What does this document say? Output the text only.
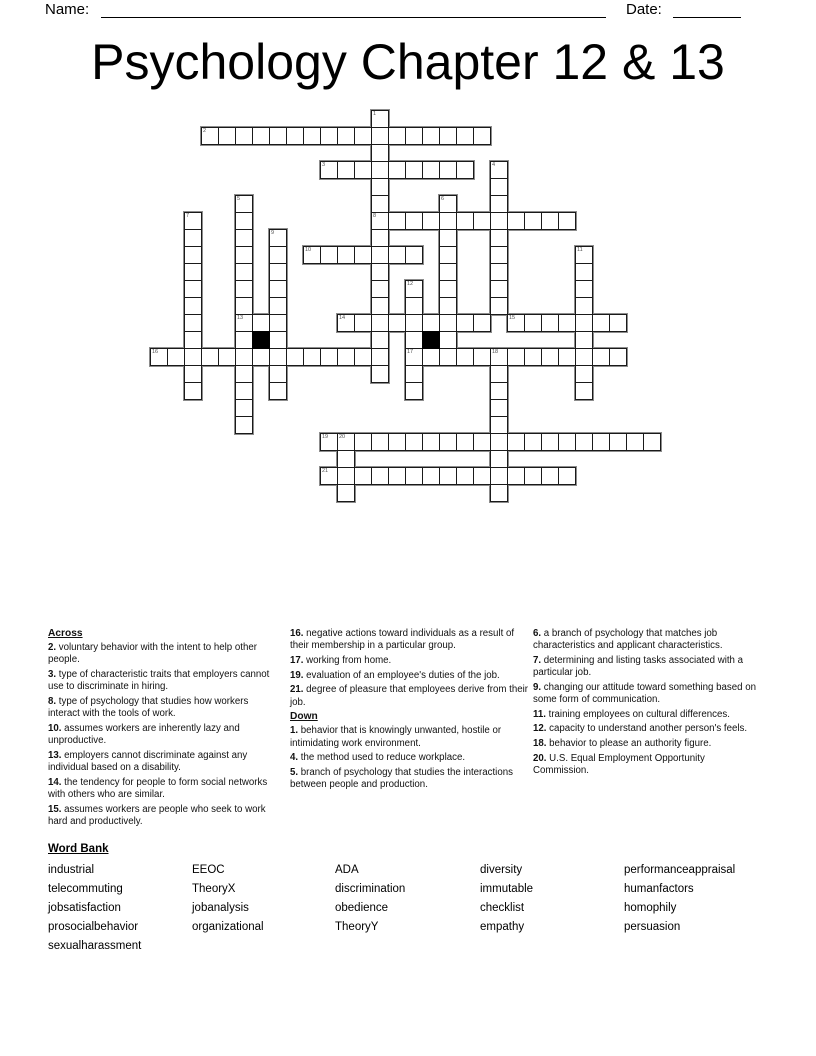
Name:	Date:
Psychology Chapter 12 & 13
1
8
2
3	4
5
13
6
7
9
10	11
12
17
14	15
16	18
19 20
21
Across

2. voluntary behavior with the intent to help other people.

3. type of characteristic traits that employers cannot use to discriminate in hiring.

8. type of psychology that studies how workers interact with the tools of work.

10. assumes workers are inherently lazy and unproductive.

13. employers cannot discriminate against any individual based on a disability.

14. the tendency for people to form social networks with others who are similar.

15. assumes workers are people who seek to work hard and productively.

16. negative actions toward individuals as a result of their membership in a particular group.

17. working from home.

19. evaluation of an employee's duties of the job.

21. degree of pleasure that employees derive from their job.

Down

1. behavior that is knowingly unwanted, hostile or intimidating work environment.

4. the method used to reduce workplace.

5. branch of psychology that studies the interactions between people and production.

6. a branch of psychology that matches job characteristics and applicant characteristics.

7. determining and listing tasks associated with a particular job.

9. changing our attitude toward something based on some form of communication.

11. training employees on cultural differences.

12. capacity to understand another person's feels.

18. behavior to please an authority figure.

20. U.S. Equal Employment Opportunity Commission.

Word Bank
industrial	EEOC	ADA	diversity	performanceappraisal
telecommuting	TheoryX	discrimination	immutable	humanfactors
jobsatisfaction	jobanalysis	obedience	checklist	homophily
prosocialbehavior	organizational	TheoryY	empathy	persuasion
sexualharassment
